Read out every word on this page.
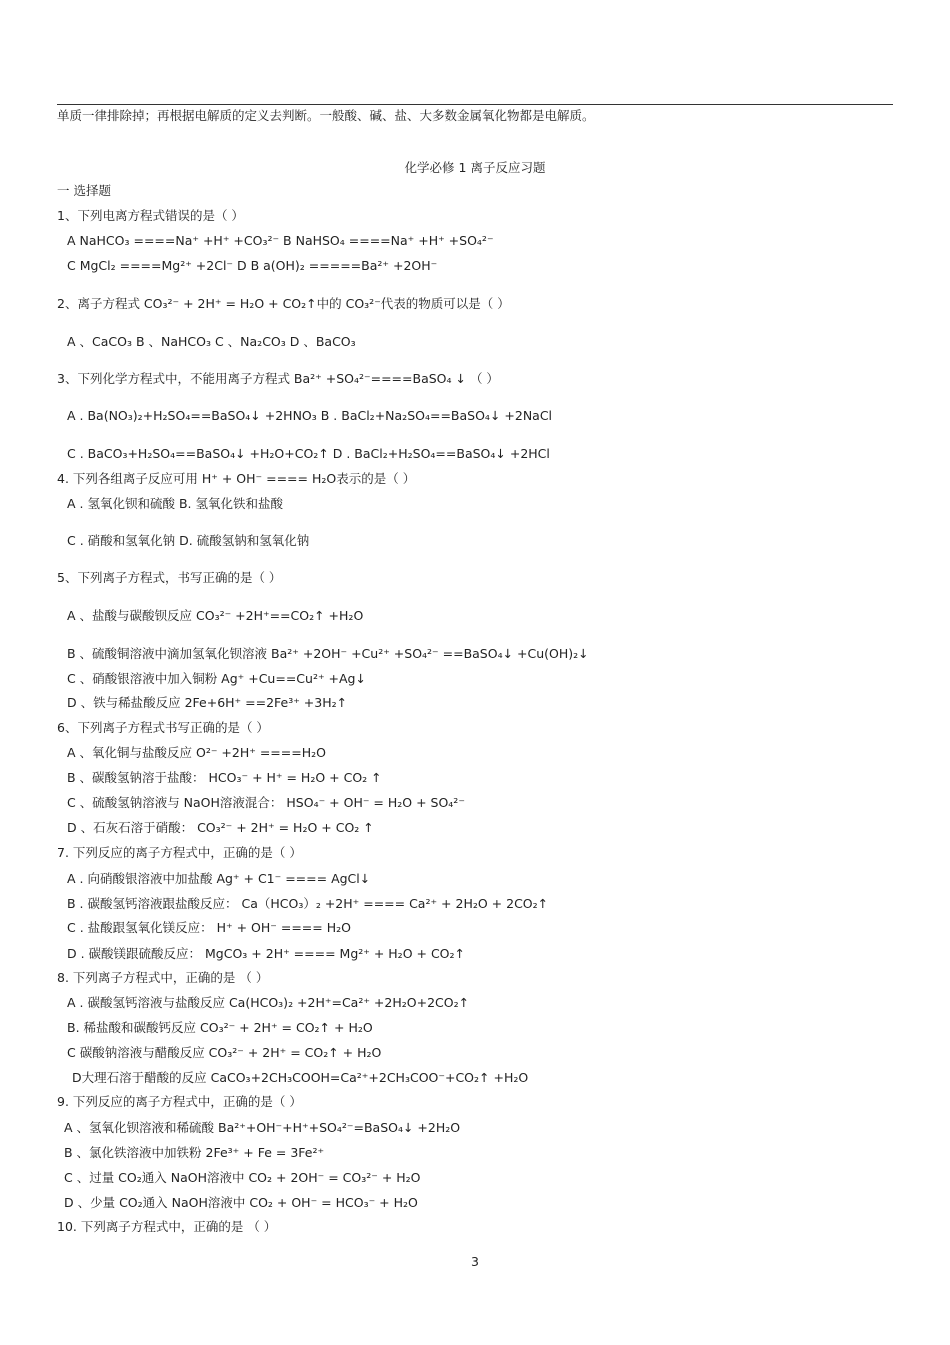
单质一律排除掉；再根据电解质的定义去判断。一般酸、碱、盐、大多数金属氧化物都是电解质。
化学必修 1 离子反应习题
一 选择题
1、下列电离方程式错误的是（ ）
A NaHCO₃ ====Na⁺ +H⁺ +CO₃²⁻ B NaHSO₄ ====Na⁺ +H⁺ +SO₄²⁻
C MgCl₂ ====Mg²⁺ +2Cl⁻ D B a(OH)₂ =====Ba²⁺ +2OH⁻
2、离子方程式 CO₃²⁻ + 2H⁺ = H₂O + CO₂↑中的 CO₃²⁻代表的物质可以是（ ）
A 、CaCO₃ B 、NaHCO₃ C 、Na₂CO₃ D 、BaCO₃
3、下列化学方程式中，不能用离子方程式 Ba²⁺ +SO₄²⁻====BaSO₄ ↓ （ ）
A . Ba(NO₃)₂+H₂SO₄==BaSO₄↓ +2HNO₃ B . BaCl₂+Na₂SO₄==BaSO₄↓ +2NaCl
C . BaCO₃+H₂SO₄==BaSO₄↓ +H₂O+CO₂↑ D . BaCl₂+H₂SO₄==BaSO₄↓ +2HCl
4. 下列各组离子反应可用 H⁺ + OH⁻ ==== H₂O表示的是（ ）
A . 氢氧化钡和硫酸 B. 氢氧化铁和盐酸
C . 硝酸和氢氧化钠 D. 硫酸氢钠和氢氧化钠
5、下列离子方程式，书写正确的是（ ）
A 、盐酸与碳酸钡反应 CO₃²⁻ +2H⁺==CO₂↑ +H₂O
B 、硫酸铜溶液中滴加氢氧化钡溶液 Ba²⁺ +2OH⁻ +Cu²⁺ +SO₄²⁻ ==BaSO₄↓ +Cu(OH)₂↓
C 、硝酸银溶液中加入铜粉 Ag⁺ +Cu==Cu²⁺ +Ag↓
D 、铁与稀盐酸反应 2Fe+6H⁺ ==2Fe³⁺ +3H₂↑
6、下列离子方程式书写正确的是（ ）
A 、氧化铜与盐酸反应 O²⁻ +2H⁺ ====H₂O
B 、碳酸氢钠溶于盐酸： HCO₃⁻ + H⁺ = H₂O + CO₂ ↑
C 、硫酸氢钠溶液与 NaOH溶液混合： HSO₄⁻ + OH⁻ = H₂O + SO₄²⁻
D 、石灰石溶于硝酸： CO₃²⁻ + 2H⁺ = H₂O + CO₂ ↑
7. 下列反应的离子方程式中，正确的是（ ）
A . 向硝酸银溶液中加盐酸 Ag⁺ + C1⁻ ==== AgCl↓
B . 碳酸氢钙溶液跟盐酸反应： Ca（HCO₃）₂ +2H⁺ ==== Ca²⁺ + 2H₂O + 2CO₂↑
C . 盐酸跟氢氧化镁反应： H⁺ + OH⁻ ==== H₂O
D . 碳酸镁跟硫酸反应： MgCO₃ + 2H⁺ ==== Mg²⁺ + H₂O + CO₂↑
8. 下列离子方程式中，正确的是 （ ）
A . 碳酸氢钙溶液与盐酸反应 Ca(HCO₃)₂ +2H⁺=Ca²⁺ +2H₂O+2CO₂↑
B. 稀盐酸和碳酸钙反应 CO₃²⁻ + 2H⁺ = CO₂↑ + H₂O
C 碳酸钠溶液与醋酸反应 CO₃²⁻ + 2H⁺ = CO₂↑ + H₂O
D大理石溶于醋酸的反应 CaCO₃+2CH₃COOH=Ca²⁺+2CH₃COO⁻+CO₂↑ +H₂O
9. 下列反应的离子方程式中，正确的是（ ）
A 、氢氧化钡溶液和稀硫酸 Ba²⁺+OH⁻+H⁺+SO₄²⁻=BaSO₄↓ +2H₂O
B 、氯化铁溶液中加铁粉 2Fe³⁺ + Fe = 3Fe²⁺
C 、过量 CO₂通入 NaOH溶液中 CO₂ + 2OH⁻ = CO₃²⁻ + H₂O
D 、少量 CO₂通入 NaOH溶液中 CO₂ + OH⁻ = HCO₃⁻ + H₂O
10. 下列离子方程式中，正确的是 （ ）
3
